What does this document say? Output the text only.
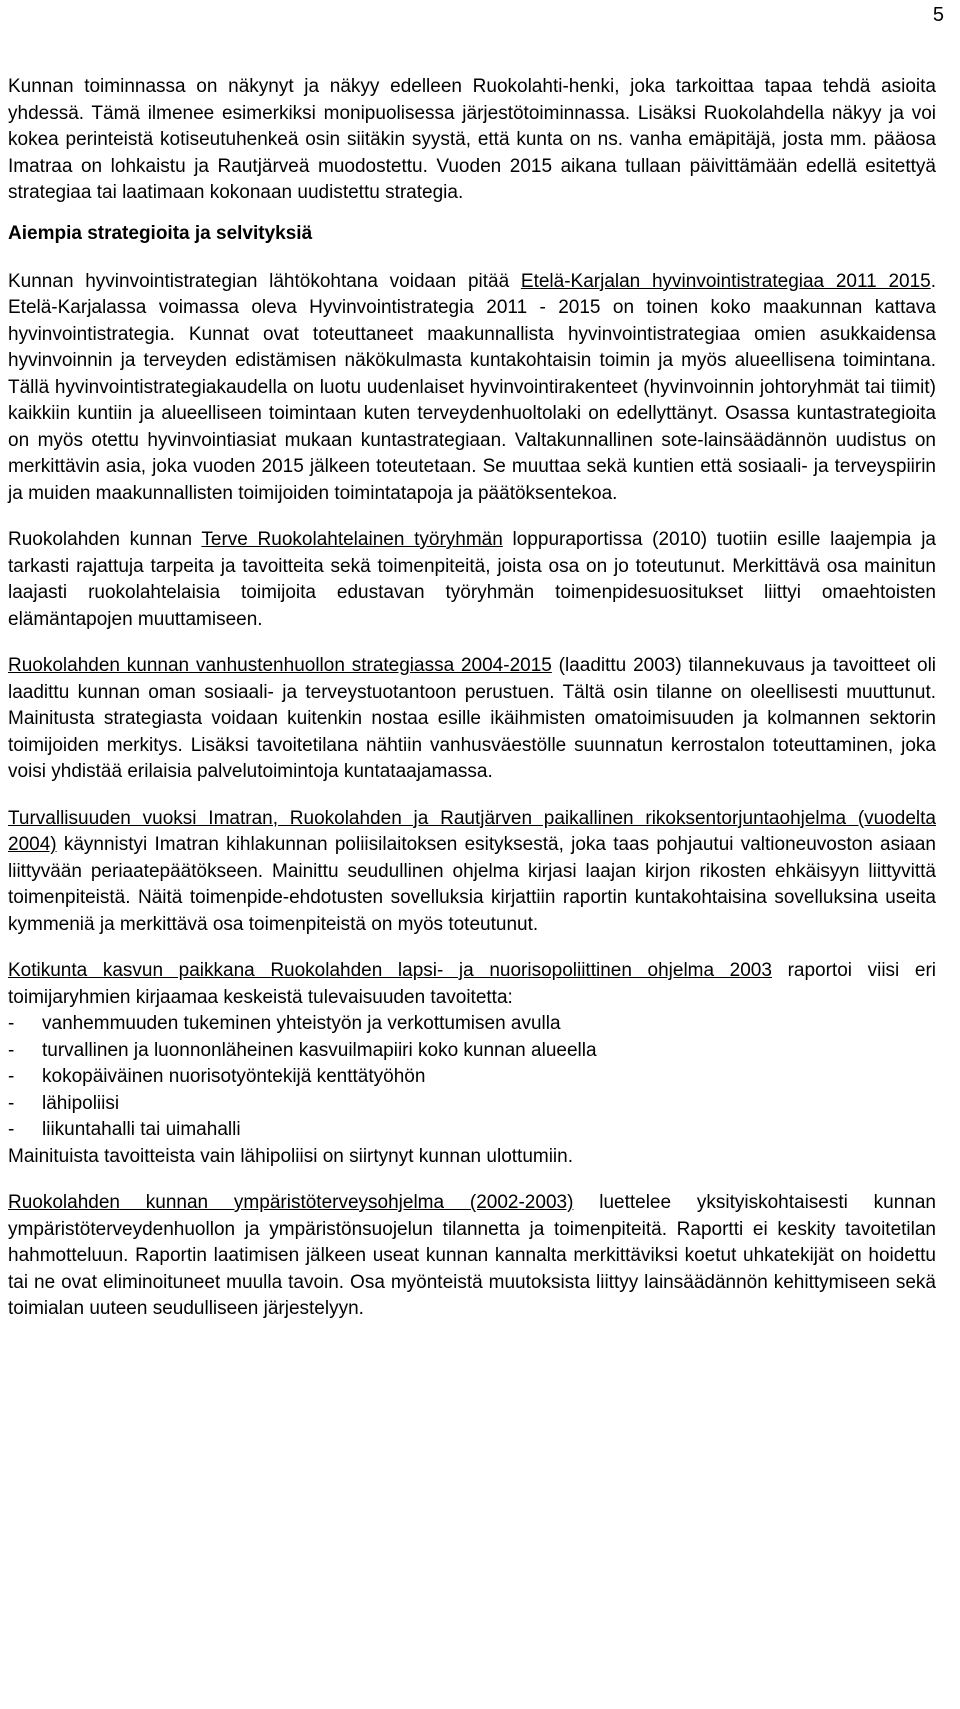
5

Kunnan toiminnassa on näkynyt ja näkyy edelleen Ruokolahti-henki, joka tarkoittaa tapaa tehdä asioita yhdessä. Tämä ilmenee esimerkiksi monipuolisessa järjestötoiminnassa. Lisäksi Ruokolahdella näkyy ja voi kokea perinteistä kotiseutuhenkeä osin siitäkin syystä, että kunta on ns. vanha emäpitäjä, josta mm. pääosa Imatraa on lohkaistu ja Rautjärveä muodostettu. Vuoden 2015 aikana tullaan päivittämään edellä esitettyä strategiaa tai laatimaan kokonaan uudistettu strategia.

Aiempia strategioita ja selvityksiä

Kunnan hyvinvointistrategian lähtökohtana voidaan pitää Etelä-Karjalan hyvinvointistrategiaa 2011 2015. Etelä-Karjalassa voimassa oleva Hyvinvointistrategia 2011 - 2015 on toinen koko maakunnan kattava hyvinvointistrategia. Kunnat ovat toteuttaneet maakunnallista hyvinvointistrategiaa omien asukkaidensa hyvinvoinnin ja terveyden edistämisen näkökulmasta kuntakohtaisin toimin ja myös alueellisena toimintana. Tällä hyvinvointistrategiakaudella on luotu uudenlaiset hyvinvointirakenteet (hyvinvoinnin johtoryhmät tai tiimit) kaikkiin kuntiin ja alueelliseen toimintaan kuten terveydenhuoltolaki on edellyttänyt. Osassa kuntastrategioita on myös otettu hyvinvointiasiat mukaan kuntastrategiaan. Valtakunnallinen sote-lainsäädännön uudistus on merkittävin asia, joka vuoden 2015 jälkeen toteutetaan. Se muuttaa sekä kuntien että sosiaali- ja terveyspiirin ja muiden maakunnallisten toimijoiden toimintatapoja ja päätöksentekoa.

Ruokolahden kunnan Terve Ruokolahtelainen työryhmän loppuraportissa (2010) tuotiin esille laajempia ja tarkasti rajattuja tarpeita ja tavoitteita sekä toimenpiteitä, joista osa on jo toteutunut. Merkittävä osa mainitun laajasti ruokolahtelaisia toimijoita edustavan työryhmän toimenpidesuositukset liittyi omaehtoisten elämäntapojen muuttamiseen.

Ruokolahden kunnan vanhustenhuollon strategiassa 2004-2015 (laadittu 2003) tilannekuvaus ja tavoitteet oli laadittu kunnan oman sosiaali- ja terveystuotantoon perustuen. Tältä osin tilanne on oleellisesti muuttunut. Mainitusta strategiasta voidaan kuitenkin nostaa esille ikäihmisten omatoimisuuden ja kolmannen sektorin toimijoiden merkitys. Lisäksi tavoitetilana nähtiin vanhusväestölle suunnatun kerrostalon toteuttaminen, joka voisi yhdistää erilaisia palvelutoimintoja kuntataajamassa.

Turvallisuuden vuoksi Imatran, Ruokolahden ja Rautjärven paikallinen rikoksentorjuntaohjelma (vuodelta 2004) käynnistyi Imatran kihlakunnan poliisilaitoksen esityksestä, joka taas pohjautui valtioneuvoston asiaan liittyvään periaatepäätökseen. Mainittu seudullinen ohjelma kirjasi laajan kirjon rikosten ehkäisyyn liittyvittä toimenpiteistä. Näitä toimenpide-ehdotusten sovelluksia kirjattiin raportin kuntakohtaisina sovelluksina useita kymmeniä ja merkittävä osa toimenpiteistä on myös toteutunut.

Kotikunta kasvun paikkana Ruokolahden lapsi- ja nuorisopoliittinen ohjelma 2003 raportoi viisi eri toimijaryhmien kirjaamaa keskeistä tulevaisuuden tavoitetta:

- vanhemmuuden tukeminen yhteistyön ja verkottumisen avulla
- turvallinen ja luonnonläheinen kasvuilmapiiri koko kunnan alueella
- kokopäiväinen nuorisotyöntekijä kenttätyöhön
- lähipoliisi
- liikuntahalli tai uimahalli

Mainituista tavoitteista vain lähipoliisi on siirtynyt kunnan ulottumiin.

Ruokolahden kunnan ympäristöterveysohjelma (2002-2003) luettelee yksityiskohtaisesti kunnan ympäristöterveydenhuollon ja ympäristönsuojelun tilannetta ja toimenpiteitä. Raportti ei keskity tavoitetilan hahmotteluun. Raportin laatimisen jälkeen useat kunnan kannalta merkittäviksi koetut uhkatekijät on hoidettu tai ne ovat eliminoituneet muulla tavoin. Osa myönteistä muutoksista liittyy lainsäädännön kehittymiseen sekä toimialan uuteen seudulliseen järjestelyyn.
